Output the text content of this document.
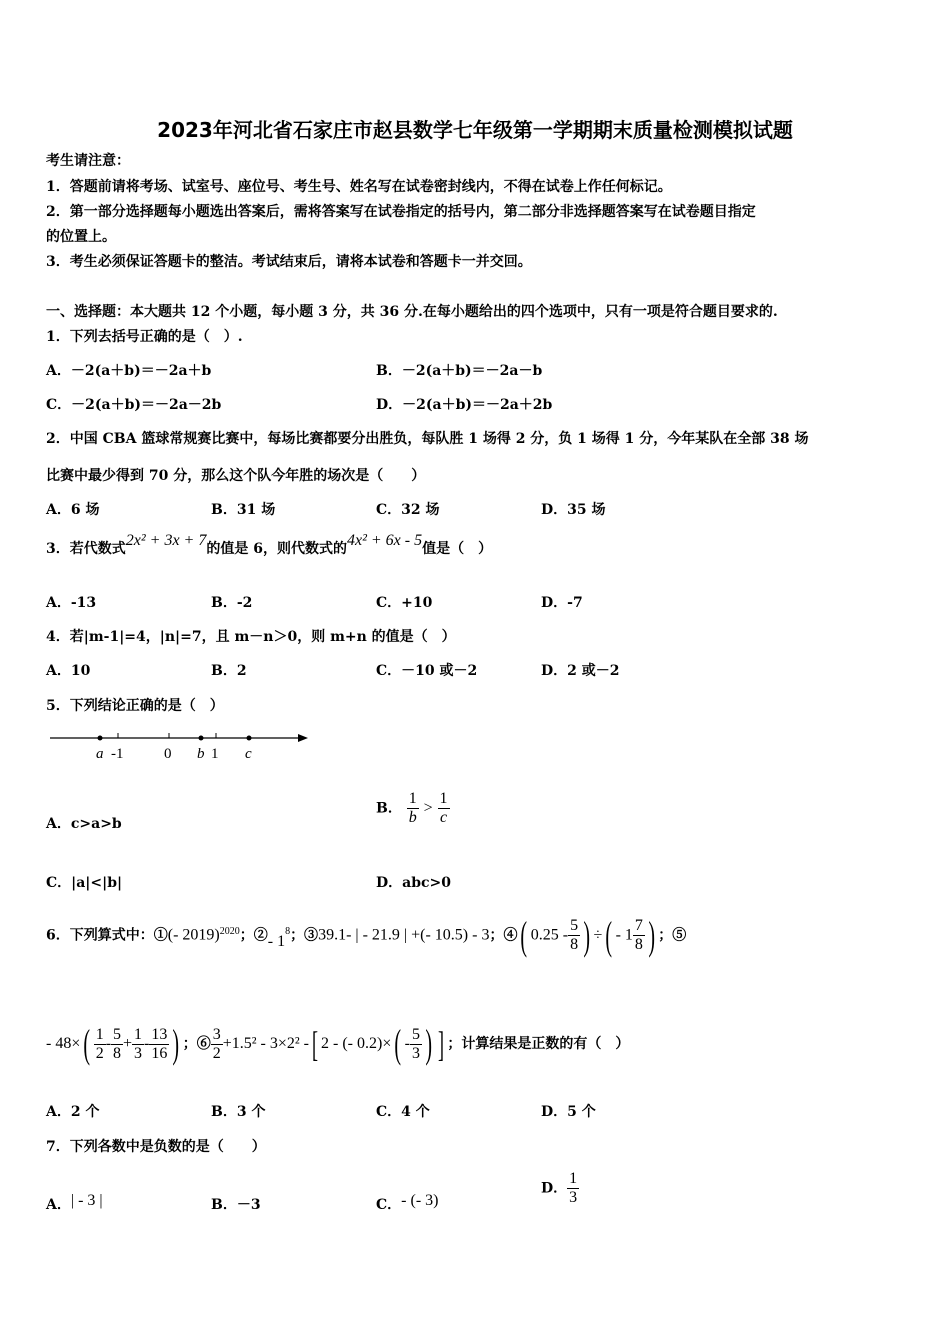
2023年河北省石家庄市赵县数学七年级第一学期期末质量检测模拟试题
考生请注意：
1．答题前请将考场、试室号、座位号、考生号、姓名写在试卷密封线内，不得在试卷上作任何标记。
2．第一部分选择题每小题选出答案后，需将答案写在试卷指定的括号内，第二部分非选择题答案写在试卷题目指定
的位置上。
3．考生必须保证答题卡的整洁。考试结束后，请将本试卷和答题卡一并交回。
一、选择题：本大题共 12 个小题，每小题 3 分，共 36 分.在每小题给出的四个选项中，只有一项是符合题目要求的.
1．下列去括号正确的是（　）.
A．－2(a＋b)＝－2a＋b	B．－2(a＋b)＝－2a－b
C．－2(a＋b)＝－2a－2b	D．－2(a＋b)＝－2a＋2b
2．中国 CBA 篮球常规赛比赛中，每场比赛都要分出胜负，每队胜 1 场得 2 分，负 1 场得 1 分，今年某队在全部 38 场
比赛中最少得到 70 分，那么这个队今年胜的场次是（　　）
A．6 场	B．31 场	C．32 场	D．35 场
3．若代数式2x² + 3x + 7的值是 6，则代数式的4x² + 6x - 5值是（　）
A．-13	B．-2	C．+10	D．-7
4．若|m-1|=4，|n|=7，且 m－n＞0，则 m+n 的值是（　）
A．10	B．2	C．－10 或－2	D．2 或－2
5．下列结论正确的是（　）
a -1	0 b 1 c
A．c>a>b
B． $\frac{1}{b} > \frac{1}{c}$
C．|a|<|b|	D．abc>0
6．下列算式中：①(- 2019)$^{2020}$；②- $1^8$；③39.1- | - 21.9 | +(- 10.5) - 3；④( $0.25 - \frac{5}{8}$ ) ÷( - $1 \frac{7}{8}$ ) ；⑤
- $48\times( \frac{1}{2} - \frac{5}{8} + \frac{1}{3} - \frac{13}{16}$ ) ；⑥ $\frac{3}{2} +1.5^2 - 3\times 2^2$ -[ 2 - (- $0.2)\times( - \frac{5}{3}$ ) ] ；计算结果是正数的有（　）
A．2 个	B．3 个	C．4 个	D．5 个
7．下列各数中是负数的是（　　）
A．| - 3 |	B．－3	C．- (- 3)
D． $\frac{1}{3}$
